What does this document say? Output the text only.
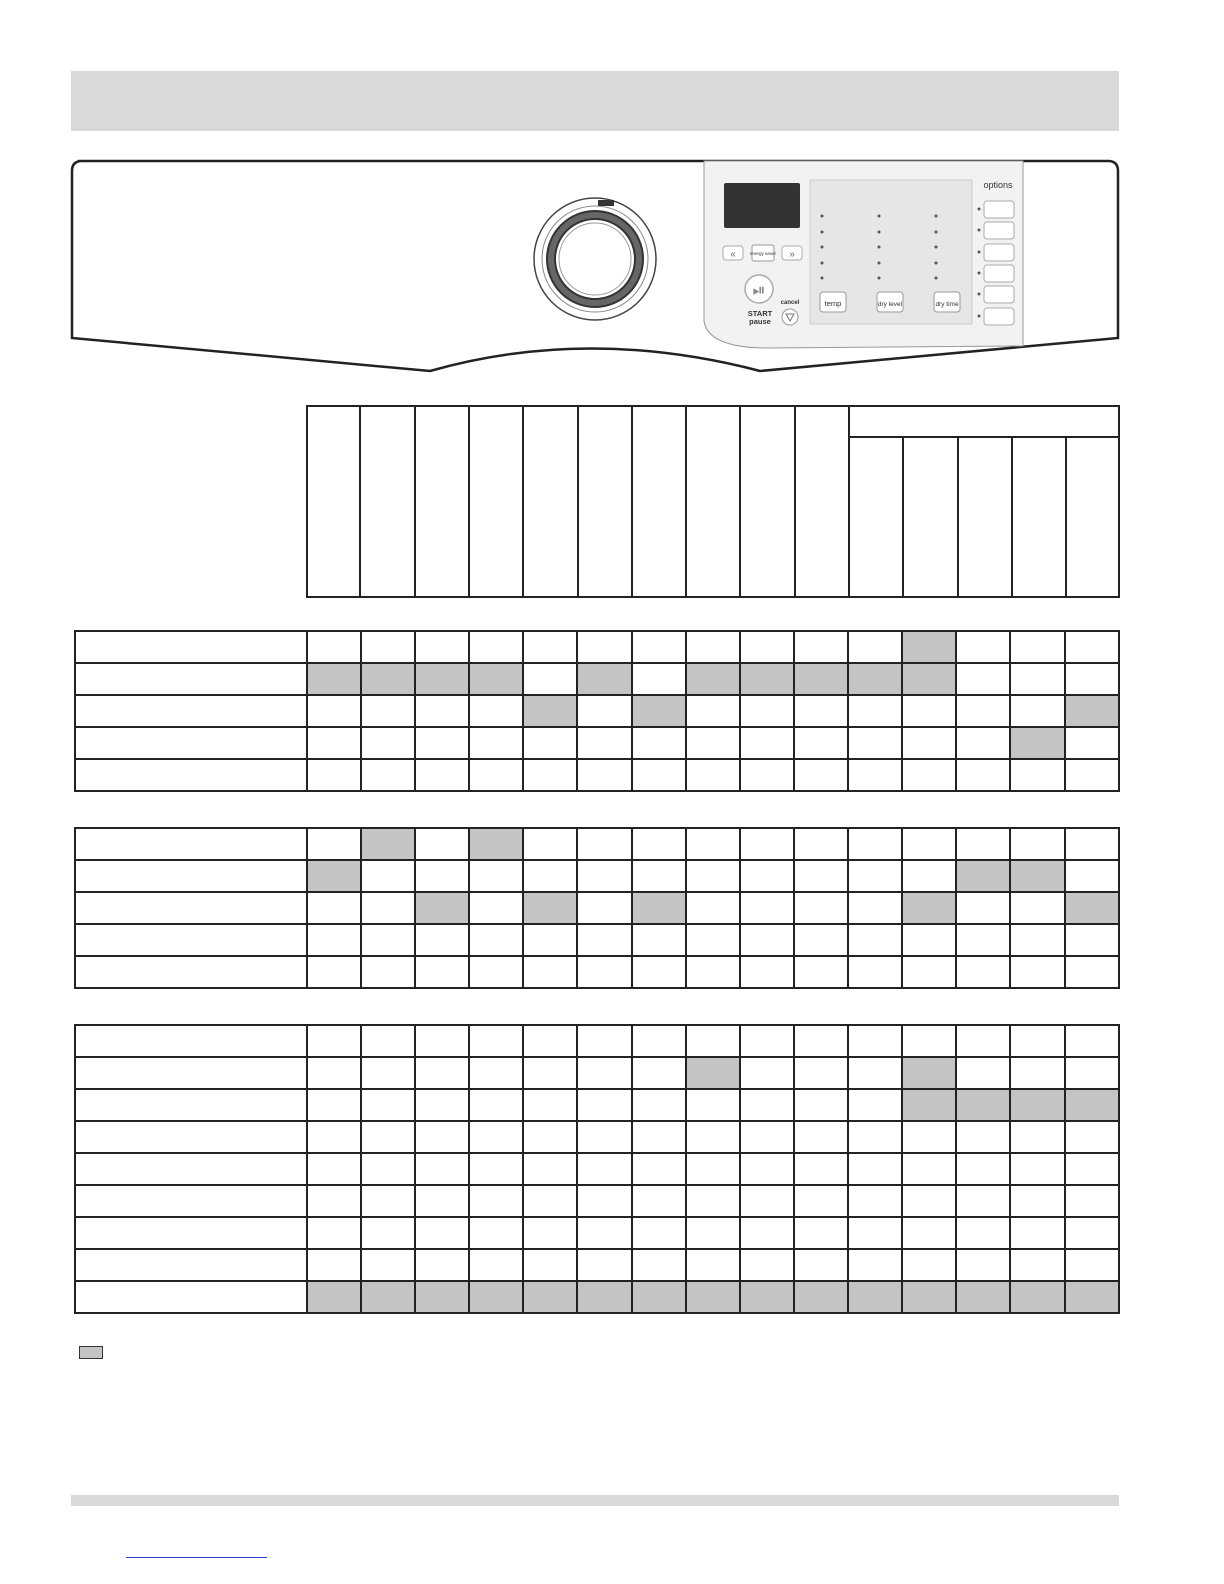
«	»
energy saver
⏯
START
pause
cancel	temp	dry level	dry time
options
